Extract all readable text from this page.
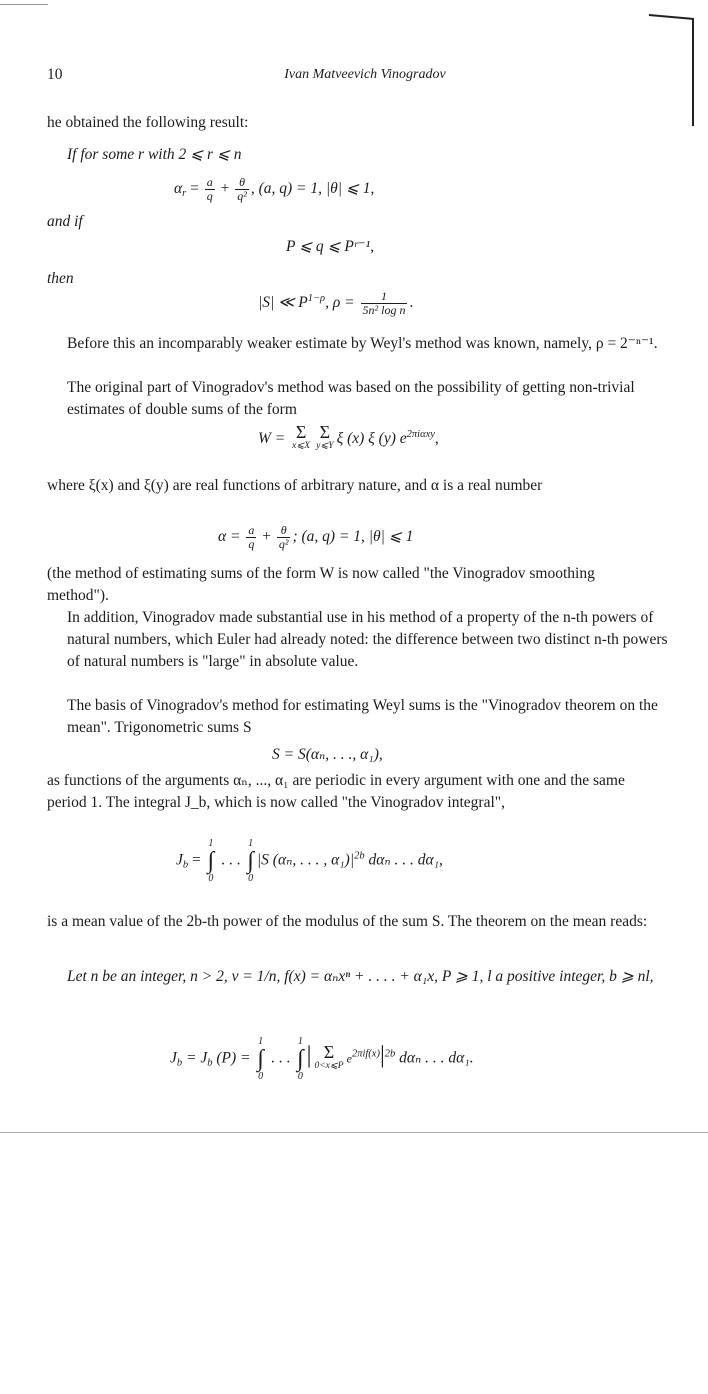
10	Ivan Matveevich Vinogradov
he obtained the following result:
If for some r with 2 ⩽ r ⩽ n
$\alpha r = \frac{a}{q} + \frac{\theta}{\text{q²}}$ , (a, q) = 1, |θ| ⩽ 1,
and if
P ⩽ q ⩽ Pʳ⁻¹,
then
|S| ≪ $P^{1-\rho}$, $\rho = \frac{1}{\text{5n² log n}}$ .
Before this an incomparably weaker estimate by Weyl's method was known, namely, ρ = 2⁻ⁿ⁻¹.
The original part of Vinogradov's method was based on the possibility of getting non-trivial estimates of double sums of the form
W = Σ
x⩽X
Σ
y⩽Y ξ (x) ξ (y) $e^{2\pi i\alpha xy}$,
where ξ(x) and ξ(y) are real functions of arbitrary nature, and α is a real number
$\alpha = \frac{a}{q} + \frac{\theta}{\text{q²}}$ ; (a, q) = 1, |θ| ⩽ 1
(the method of estimating sums of the form W is now called "the Vinogradov smoothing method").
In addition, Vinogradov made substantial use in his method of a property of the n-th powers of natural numbers, which Euler had already noted: the difference between two distinct n-th powers of natural numbers is "large" in absolute value.
The basis of Vinogradov's method for estimating Weyl sums is the "Vinogradov theorem on the mean". Trigonometric sums S
S = S(αₙ, . . ., α₁),
as functions of the arguments αₙ, ..., α₁ are periodic in every argument with one and the same period 1. The integral J_b, which is now called "the Vinogradov integral",
Jb = 1
∫
0 . . . 1
∫
0|S (αₙ, . . . , $\alpha_1)|^{2b}$ dαₙ . . . dα₁,
is a mean value of the 2b-th power of the modulus of the sum S. The theorem on the mean reads:
Let n be an integer, n > 2, ν = 1/n, f(x) = αₙxⁿ + . . . . + α₁x, P ⩾ 1, l a positive integer, b ⩾ nl,
Jb = Jb (P) = 1
∫
0 . . . 1
∫
0| Σ
0<x⩽P
$e^{2\pi if(x)}|^{2b}$ dαₙ . . . dα₁.
